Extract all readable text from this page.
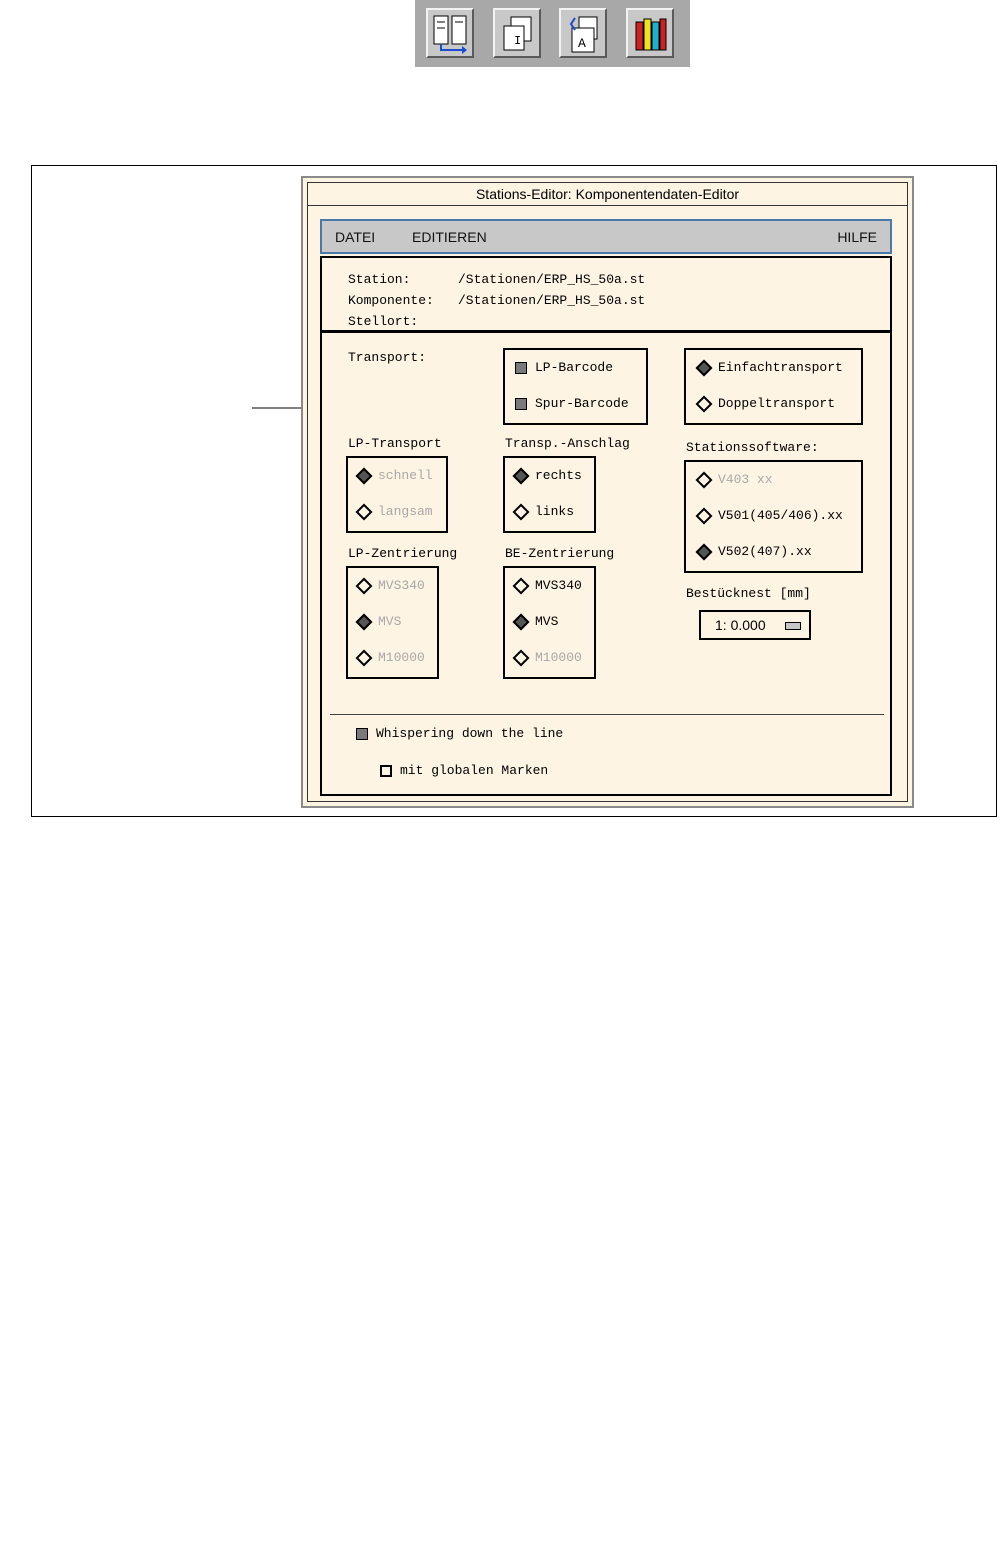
I	A
Stations-Editor: Komponentendaten-Editor
DATEI	EDITIEREN	HILFE
Station:	/Stationen/ERP_HS_50a.st
Komponente: /Stationen/ERP_HS_50a.st
Stellort:
Transport:
LP-Barcode
Spur-Barcode
Einfachtransport
Doppeltransport
LP-Transport
schnell
langsam
Transp.-Anschlag
rechts
links
Stationssoftware:
V403 xx
V501(405/406).xx
V502(407).xx
LP-Zentrierung
MVS340
MVS
M10000
BE-Zentrierung
MVS340
MVS
M10000
Bestücknest [mm]
1: 0.000
Whispering down the line
mit globalen Marken
